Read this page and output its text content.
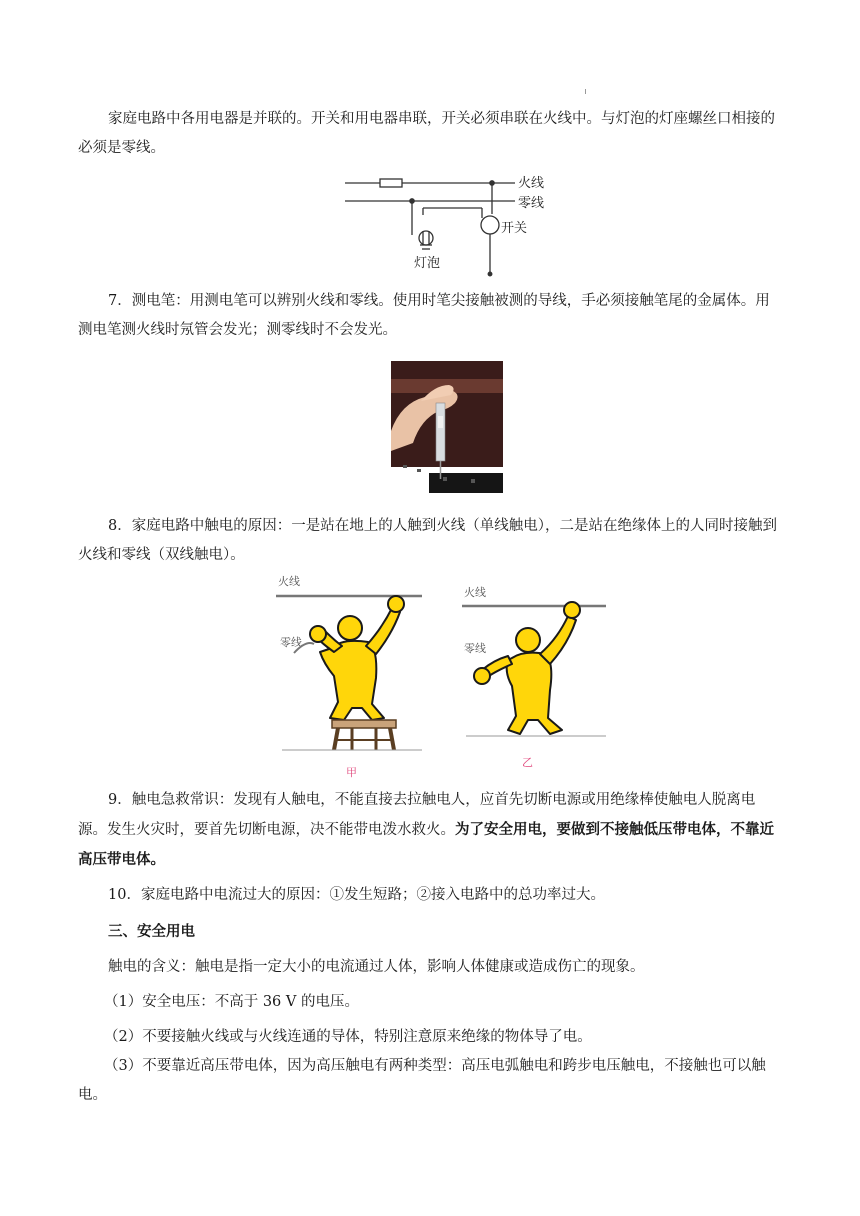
家庭电路中各用电器是并联的。开关和用电器串联，开关必须串联在火线中。与灯泡的灯座螺丝口相接的必须是零线。

火线
零线
开关
灯泡

7．测电笔：用测电笔可以辨别火线和零线。使用时笔尖接触被测的导线，手必须接触笔尾的金属体。用测电笔测火线时氖管会发光；测零线时不会发光。

8．家庭电路中触电的原因：一是站在地上的人触到火线（单线触电），二是站在绝缘体上的人同时接触到火线和零线（双线触电）。

火线
零线
甲
火线
零线
乙

9．触电急救常识：发现有人触电，不能直接去拉触电人，应首先切断电源或用绝缘棒使触电人脱离电源。发生火灾时，要首先切断电源，决不能带电泼水救火。为了安全用电，要做到不接触低压带电体，不靠近高压带电体。

10．家庭电路中电流过大的原因：①发生短路；②接入电路中的总功率过大。

三、安全用电

触电的含义：触电是指一定大小的电流通过人体，影响人体健康或造成伤亡的现象。

（1）安全电压：不高于 36 V 的电压。

（2）不要接触火线或与火线连通的导体，特别注意原来绝缘的物体导了电。

（3）不要靠近高压带电体，因为高压触电有两种类型：高压电弧触电和跨步电压触电，不接触也可以触电。
